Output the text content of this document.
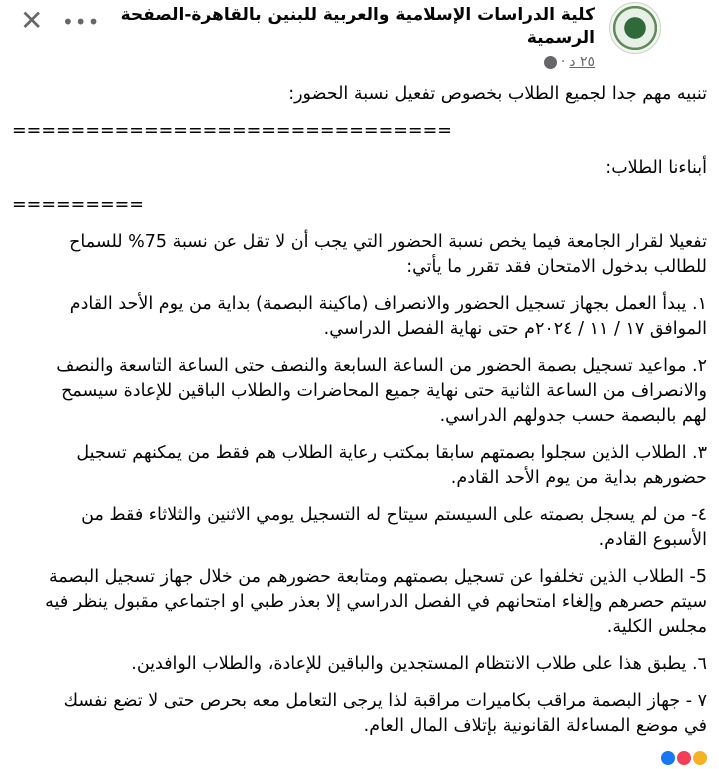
كلية الدراسات الإسلامية والعربية للبنين بالقاهرة-الصفحة الرسمية
٢٥ د
·
•••
✕
تنبيه مهم جدا لجميع الطلاب بخصوص تفعيل نسبة الحضور:
==============================
أبناءنا الطلاب:
=========
تفعيلا لقرار الجامعة فيما يخص نسبة الحضور التي يجب أن لا تقل عن نسبة 75% للسماح
للطالب بدخول الامتحان فقد تقرر ما يأتي:
١. يبدأ العمل بجهاز تسجيل الحضور والانصراف (ماكينة البصمة) بداية من يوم الأحد القادم
الموافق ١٧ / ١١ / ٢٠٢٤م حتى نهاية الفصل الدراسي.
٢. مواعيد تسجيل بصمة الحضور من الساعة السابعة والنصف حتى الساعة التاسعة والنصف
والانصراف من الساعة الثانية حتى نهاية جميع المحاضرات والطلاب الباقين للإعادة سيسمح
لهم بالبصمة حسب جدولهم الدراسي.
٣. الطلاب الذين سجلوا بصمتهم سابقا بمكتب رعاية الطلاب هم فقط من يمكنهم تسجيل
حضورهم بداية من يوم الأحد القادم.
٤- من لم يسجل بصمته على السيستم سيتاح له التسجيل يومي الاثنين والثلاثاء فقط من
الأسبوع القادم.
5- الطلاب الذين تخلفوا عن تسجيل بصمتهم ومتابعة حضورهم من خلال جهاز تسجيل البصمة
سيتم حصرهم وإلغاء امتحانهم في الفصل الدراسي إلا بعذر طبي او اجتماعي مقبول ينظر فيه
مجلس الكلية.
٦. يطبق هذا على طلاب الانتظام المستجدين والباقين للإعادة، والطلاب الوافدين.
٧ - جهاز البصمة مراقب بكاميرات مراقبة لذا يرجى التعامل معه بحرص حتى لا تضع نفسك
في موضع المساءلة القانونية بإتلاف المال العام.
